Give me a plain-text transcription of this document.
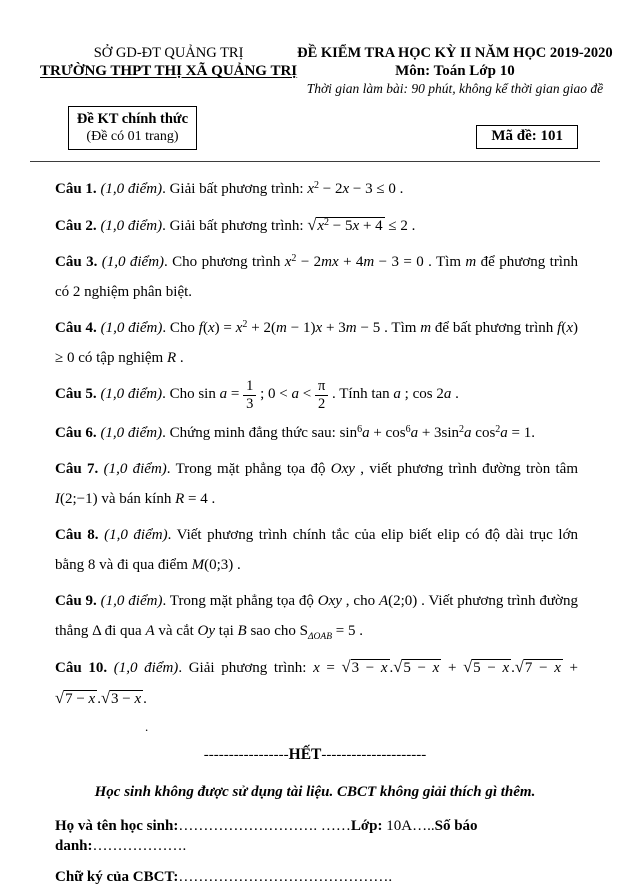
SỞ GD-ĐT QUẢNG TRỊ
TRƯỜNG THPT THỊ XÃ QUẢNG TRỊ
ĐỀ KIỂM TRA HỌC KỲ II NĂM HỌC 2019-2020
Môn: Toán Lớp 10
Thời gian làm bài: 90 phút, không kể thời gian giao đề
Đề KT chính thức
(Đề có 01 trang)	Mã đề: 101

Câu 1. (1,0 điểm). Giải bất phương trình: $x^2 - 2x - 3 \le 0$ .

Câu 2. (1,0 điểm). Giải bất phương trình: $√x^2 - 5x + 4 \le 2$ .

Câu 3. (1,0 điểm). Cho phương trình $x^2 - 2mx + 4m - 3 = 0$ . Tìm m để phương trình có 2 nghiệm phân biệt.

Câu 4. (1,0 điểm). Cho $f(x) = x^2 + 2(m - 1)x + 3m - 5$ . Tìm m để bất phương trình f(x) ≥ 0 có tập nghiệm R .

Câu 5. (1,0 điểm). Cho $\sin a = \frac{1}{3}$ ; $0 < a < \frac{\pi}{2}$ . Tính tan a ; cos 2a .

Câu 6. (1,0 điểm). Chứng minh đẳng thức sau: $\sin^6a + \cos^6a + 3\sin^2a$ $\cos^2a = 1$.

Câu 7. (1,0 điểm). Trong mặt phẳng tọa độ Oxy , viết phương trình đường tròn tâm I(2;−1) và bán kính R = 4 .

Câu 8. (1,0 điểm). Viết phương trình chính tắc của elip biết elip có độ dài trục lớn bằng 8 và đi qua điểm M(0;3) .

Câu 9. (1,0 điểm). Trong mặt phẳng tọa độ Oxy , cho A(2;0) . Viết phương trình đường thẳng Δ đi qua A và cắt Oy tại B sao cho $S_{\Delta OAB} = 5$ .

Câu 10. (1,0 điểm). Giải phương trình: x = √3 − x .√5 − x + √5 − x .√7 − x + √7 − x .√3 − x .

.
-----------------HẾT---------------------
Học sinh không được sử dụng tài liệu. CBCT không giải thích gì thêm.
Họ và tên học sinh:………………………. ……Lớp: 10A…..Số báo danh:……………….
Chữ ký của CBCT:…………………………………….
